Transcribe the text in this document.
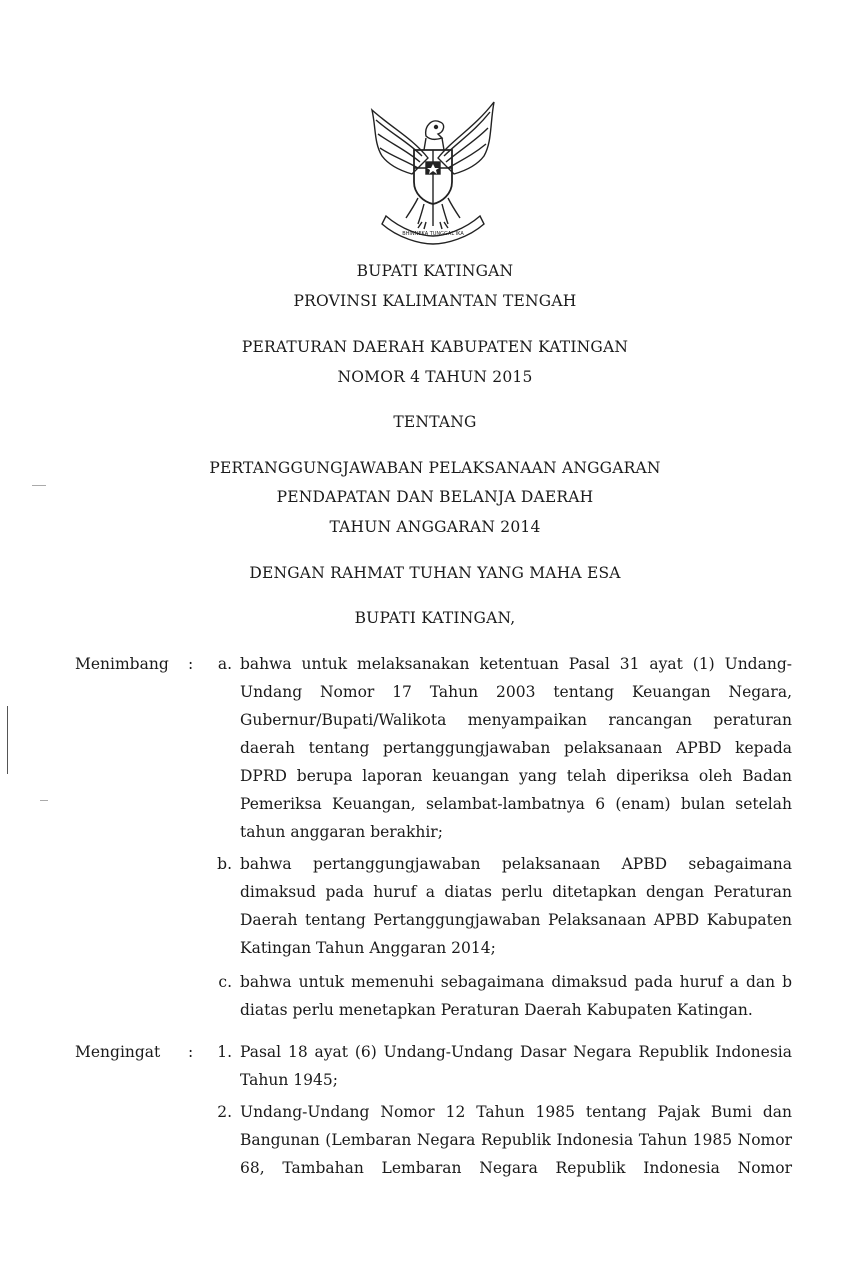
BHINNEKA TUNGGAL IKA
BUPATI KATINGAN
PROVINSI KALIMANTAN TENGAH
PERATURAN DAERAH KABUPATEN KATINGAN
NOMOR 4 TAHUN 2015
TENTANG
PERTANGGUNGJAWABAN PELAKSANAAN ANGGARAN
PENDAPATAN DAN BELANJA DAERAH
TAHUN ANGGARAN 2014
DENGAN RAHMAT TUHAN YANG MAHA ESA
BUPATI KATINGAN,
Menimbang :	a. bahwa untuk melaksanakan ketentuan Pasal 31 ayat (1) Undang-Undang Nomor 17 Tahun 2003 tentang Keuangan Negara, Gubernur/Bupati/Walikota menyampaikan rancangan peraturan daerah tentang pertanggungjawaban pelaksanaan APBD kepada DPRD berupa laporan keuangan yang telah diperiksa oleh Badan Pemeriksa Keuangan, selambat-lambatnya 6 (enam) bulan setelah tahun anggaran berakhir;
b. bahwa pertanggungjawaban pelaksanaan APBD sebagaimana dimaksud pada huruf a diatas perlu ditetapkan dengan Peraturan Daerah tentang Pertanggungjawaban Pelaksanaan APBD Kabupaten Katingan Tahun Anggaran 2014;
c. bahwa untuk memenuhi sebagaimana dimaksud pada huruf a dan b diatas perlu menetapkan Peraturan Daerah Kabupaten Katingan.
Mengingat :	1. Pasal 18 ayat (6) Undang-Undang Dasar Negara Republik Indonesia Tahun 1945;
2. Undang-Undang Nomor 12 Tahun 1985 tentang Pajak Bumi dan Bangunan (Lembaran Negara Republik Indonesia Tahun 1985 Nomor 68, Tambahan Lembaran Negara Republik Indonesia Nomor
